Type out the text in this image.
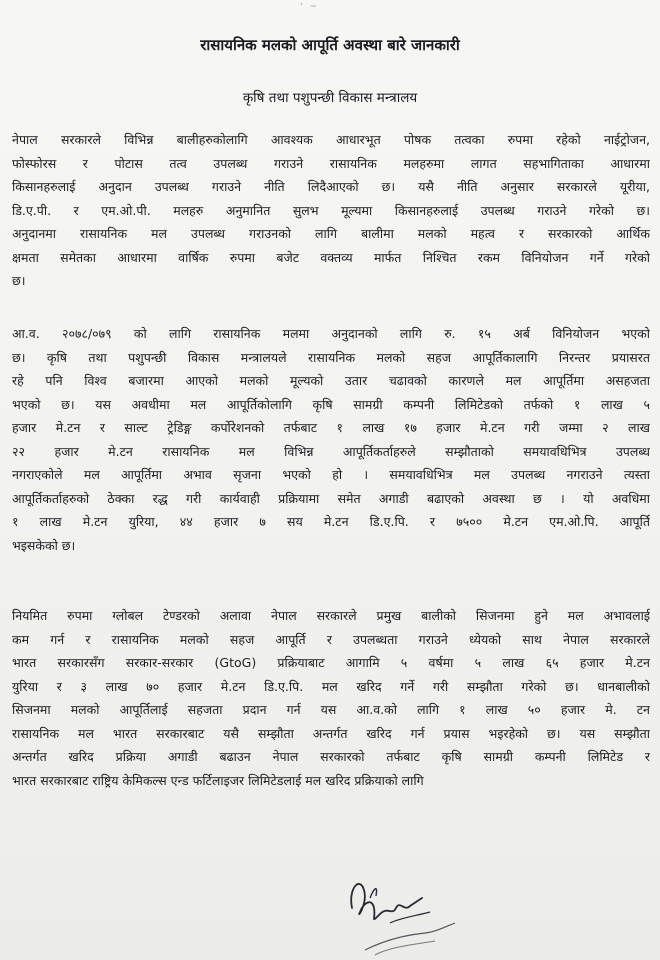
' ~
रासायनिक मलको आपूर्ति अवस्था बारे जानकारी
कृषि तथा पशुपन्छी विकास मन्त्रालय
नेपाल सरकारले विभिन्न बालीहरुकोलागि आवश्यक आधारभूत पोषक तत्वका रुपमा रहेको नाईट्रोजन,
फोस्फोरस र पोटास तत्व उपलब्ध गराउने रासायनिक मलहरुमा लागत सहभागिताका आधारमा
किसानहरुलाई अनुदान उपलब्ध गराउने नीति लिदैआएको छ। यसै नीति अनुसार सरकारले यूरीया,
डि.ए.पी. र एम.ओ.पी. मलहरु अनुमानित सुलभ मूल्यमा किसानहरुलाई उपलब्ध गराउने गरेको छ।
अनुदानमा रासायनिक मल उपलब्ध गराउनको लागि बालीमा मलको महत्व र सरकारको आर्थिक
क्षमता समेतका आधारमा वार्षिक रुपमा बजेट वक्तव्य मार्फत निश्चित रकम विनियोजन गर्ने गरेको
छ।
आ.व. २०७८/०७९ को लागि रासायनिक मलमा अनुदानको लागि रु. १५ अर्ब विनियोजन भएको
छ। कृषि तथा पशुपन्छी विकास मन्त्रालयले रासायनिक मलको सहज आपूर्तिकालागि निरन्तर प्रयासरत
रहे पनि विश्व बजारमा आएको मलको मूल्यको उतार चढावको कारणले मल आपूर्तिमा असहजता
भएको छ। यस अवधीमा मल आपूर्तिकोलागि कृषि सामग्री कम्पनी लिमिटेडको तर्फको १ लाख ५
हजार मे.टन र साल्ट ट्रेडिङ्ग कर्पोरेशनको तर्फबाट १ लाख १७ हजार मे.टन गरी जम्मा २ लाख
२२ हजार मे.टन रासायनिक मल विभिन्न आपूर्तिकर्ताहरुले सम्झौताको समयावधिभित्र उपलब्ध
नगराएकोले मल आपूर्तिमा अभाव सृजना भएको हो । समयावधिभित्र मल उपलब्ध नगराउने त्यस्ता
आपूर्तिकर्ताहरुको ठेक्का रद्ध गरी कार्यवाही प्रक्रियामा समेत अगाडी बढाएको अवस्था छ । यो अवधिमा
१ लाख मे.टन युरिया, ४४ हजार ७ सय मे.टन डि.ए.पि. र ७५०० मे.टन एम.ओ.पि. आपूर्ति
भइसकेको छ।
नियमित रुपमा ग्लोबल टेण्डरको अलावा नेपाल सरकारले प्रमुख बालीको सिजनमा हुने मल अभावलाई
कम गर्न र रासायनिक मलको सहज आपूर्ति र उपलब्धता गराउने ध्येयको साथ नेपाल सरकारले
भारत सरकारसँग सरकार-सरकार (GtoG) प्रक्रियाबाट आगामि ५ वर्षमा ५ लाख ६५ हजार मे.टन
युरिया र ३ लाख ७० हजार मे.टन डि.ए.पि. मल खरिद गर्ने गरी सम्झौता गरेको छ। धानबालीको
सिजनमा मलको आपूर्तिलाई सहजता प्रदान गर्न यस आ.व.को लागि १ लाख ५० हजार मे. टन
रासायनिक मल भारत सरकारबाट यसै सम्झौता अन्तर्गत खरिद गर्न प्रयास भइरहेको छ। यस सम्झौता
अन्तर्गत खरिद प्रक्रिया अगाडी बढाउन नेपाल सरकारको तर्फबाट कृषि सामग्री कम्पनी लिमिटेड र
भारत सरकारबाट राष्ट्रिय केमिकल्स एन्ड फर्टिलाइजर लिमिटेडलाई मल खरिद प्रक्रियाको लागि
